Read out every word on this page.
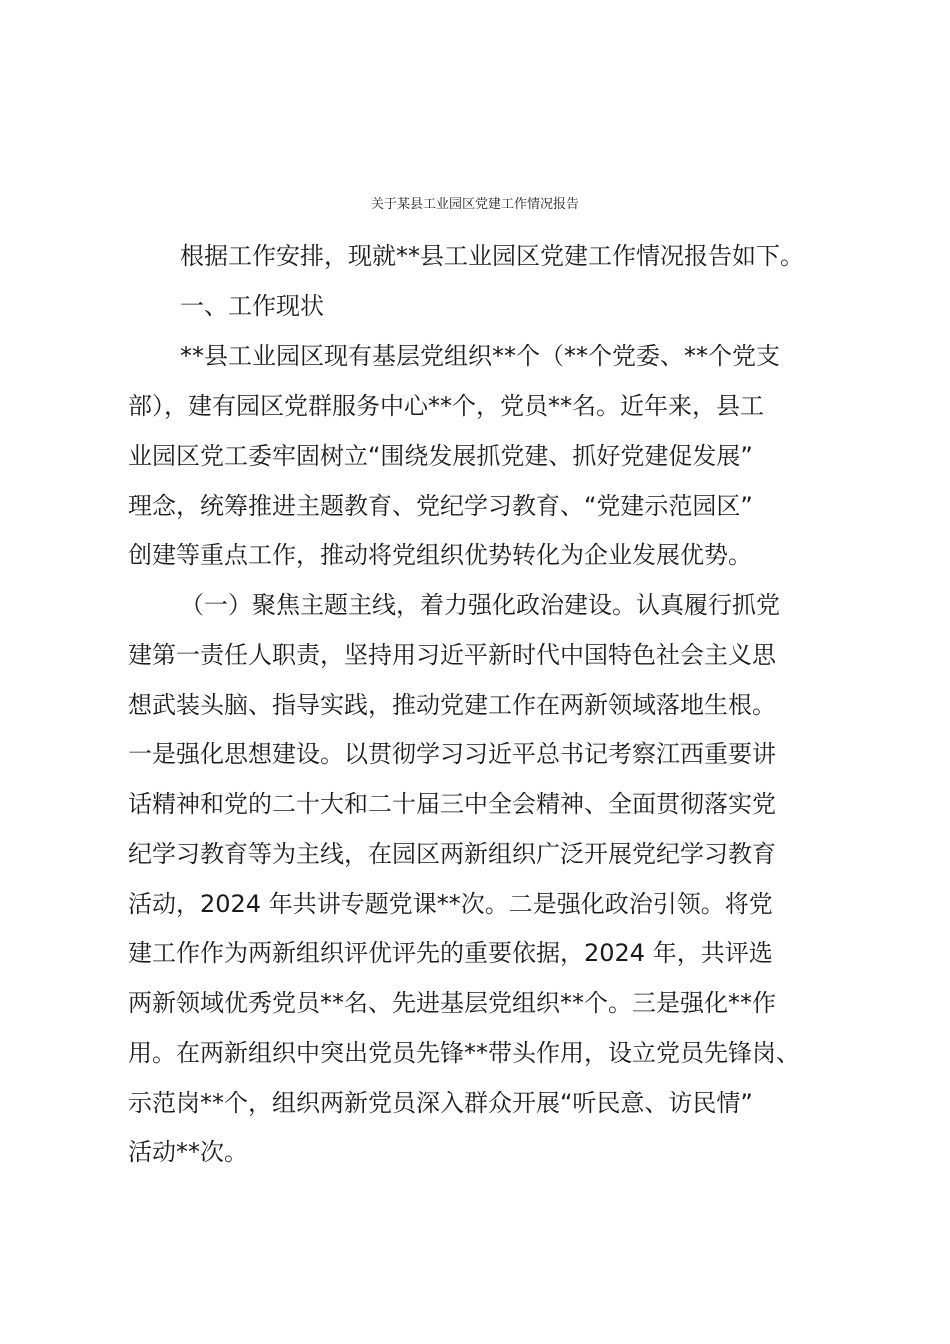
关于某县工业园区党建工作情况报告
根据工作安排，现就**县工业园区党建工作情况报告如下。
一、工作现状
**县工业园区现有基层党组织**个（**个党委、**个党支
部），建有园区党群服务中心**个，党员**名。近年来，县工
业园区党工委牢固树立“围绕发展抓党建、抓好党建促发展”
理念，统筹推进主题教育、党纪学习教育、“党建示范园区”
创建等重点工作，推动将党组织优势转化为企业发展优势。
（一）聚焦主题主线，着力强化政治建设。认真履行抓党
建第一责任人职责，坚持用习近平新时代中国特色社会主义思
想武装头脑、指导实践，推动党建工作在两新领域落地生根。
一是强化思想建设。以贯彻学习习近平总书记考察江西重要讲
话精神和党的二十大和二十届三中全会精神、全面贯彻落实党
纪学习教育等为主线，在园区两新组织广泛开展党纪学习教育
活动，2024 年共讲专题党课**次。二是强化政治引领。将党
建工作作为两新组织评优评先的重要依据，2024 年，共评选
两新领域优秀党员**名、先进基层党组织**个。三是强化**作
用。在两新组织中突出党员先锋**带头作用，设立党员先锋岗、
示范岗**个，组织两新党员深入群众开展“听民意、访民情”
活动**次。
